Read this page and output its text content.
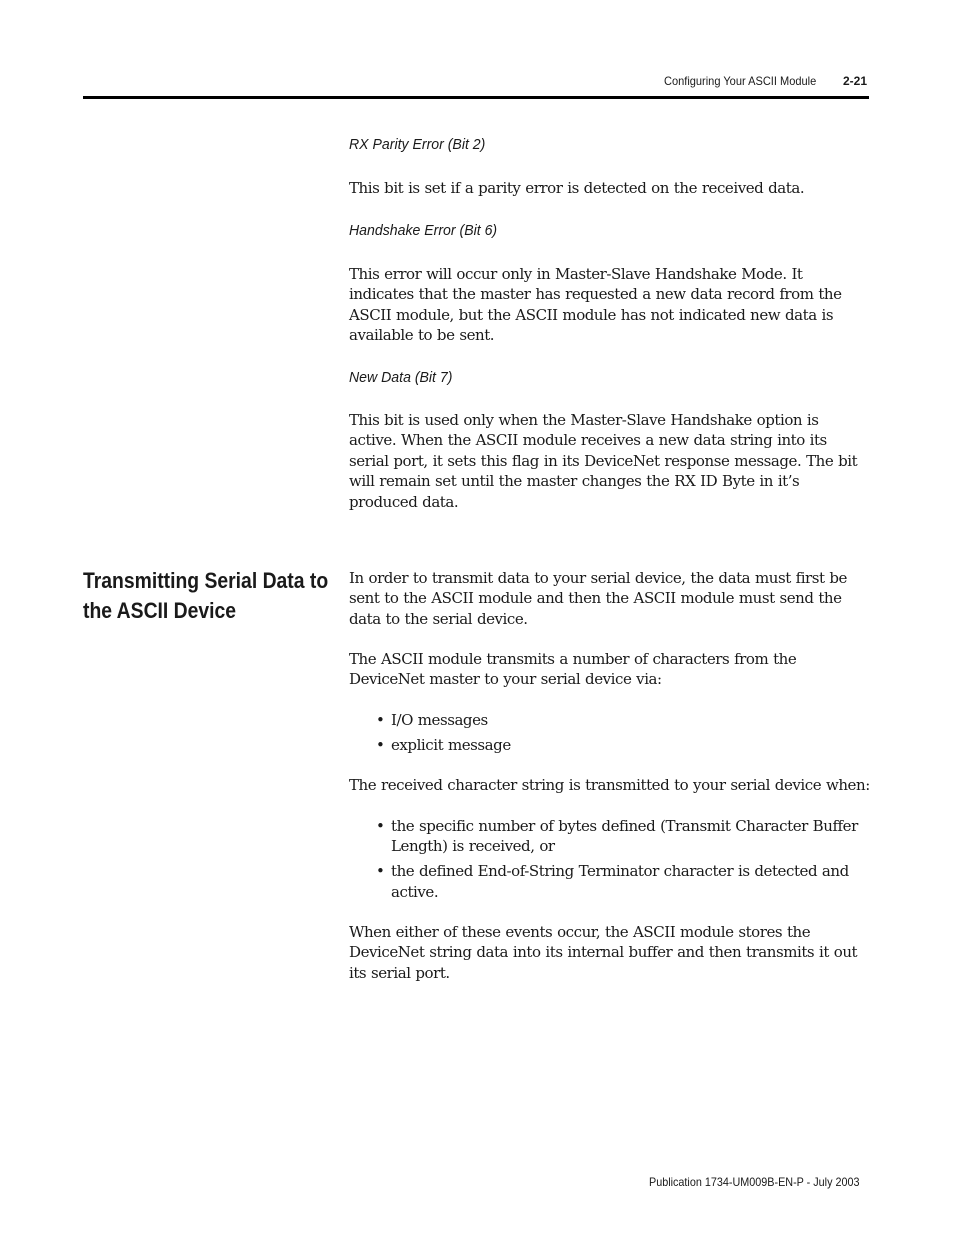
Configuring Your ASCII Module 2-21
RX Parity Error (Bit 2)
This bit is set if a parity error is detected on the received data.
Handshake Error (Bit 6)
This error will occur only in Master-Slave Handshake Mode. It
indicates that the master has requested a new data record from the
ASCII module, but the ASCII module has not indicated new data is
available to be sent.
New Data (Bit 7)
This bit is used only when the Master-Slave Handshake option is
active. When the ASCII module receives a new data string into its
serial port, it sets this flag in its DeviceNet response message. The bit
will remain set until the master changes the RX ID Byte in it’s
produced data.
Transmitting Serial Data to
the ASCII Device
In order to transmit data to your serial device, the data must first be
sent to the ASCII module and then the ASCII module must send the
data to the serial device.
The ASCII module transmits a number of characters from the
DeviceNet master to your serial device via:
• I/O messages
• explicit message
The received character string is transmitted to your serial device when:
• the specific number of bytes defined (Transmit Character Buffer
Length) is received, or
• the defined End-of-String Terminator character is detected and
active.
When either of these events occur, the ASCII module stores the
DeviceNet string data into its internal buffer and then transmits it out
its serial port.
Publication 1734-UM009B-EN-P - July 2003
